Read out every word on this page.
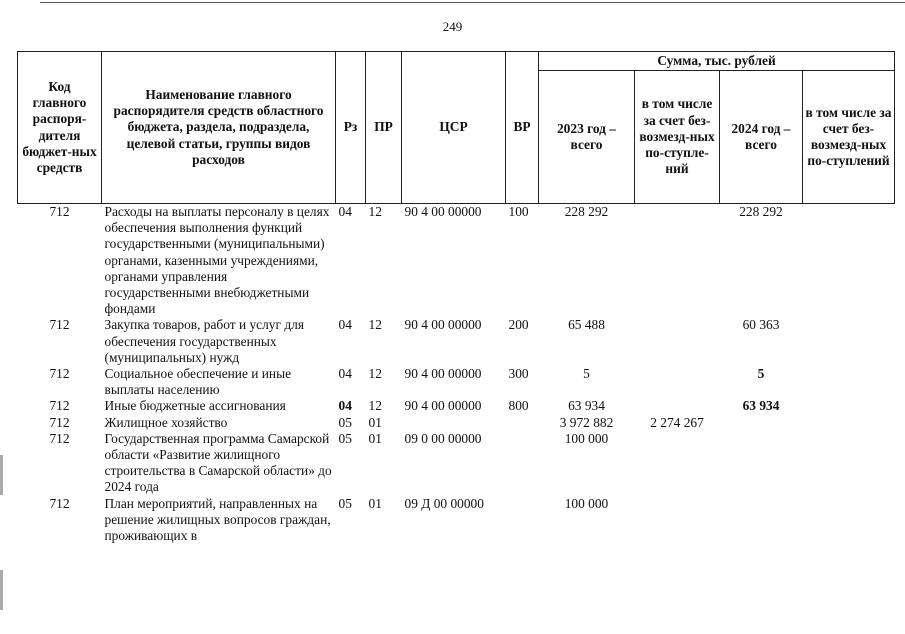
249
Код главного распоря-дителя бюджет-ных средств	Наименование главного распорядителя средств областного бюджета, раздела, подраздела, целевой статьи, группы видов расходов	Рз	ПР	ЦСР	ВР	Сумма, тыс. рублей			
						2023 год – всего	в том числе за счет без-возмезд-ных по-ступле-ний	2024 год – всего	в том числе за счет без-возмезд-ных по-ступлений
712	Расходы на выплаты персоналу в целях обеспечения выполнения функций государственными (муниципальными) органами, казенными учреждениями, органами управления государственными внебюджетными фондами	04	12	90 4 00 00000	100	228 292		228 292	
712	Закупка товаров, работ и услуг для обеспечения государственных (муниципальных) нужд	04	12	90 4 00 00000	200	65 488		60 363	
712	Социальное обеспечение и иные выплаты населению	04	12	90 4 00 00000	300	5		5	
712	Иные бюджетные ассигнования	04	12	90 4 00 00000	800	63 934		63 934	
712	Жилищное хозяйство	05	01			3 972 882	2 274 267		
712	Государственная программа Самарской области «Развитие жилищного строительства в Самарской области» до 2024 года	05	01	09 0 00 00000		100 000			
712	План мероприятий, направленных на решение жилищных вопросов граждан, проживающих в	05	01	09 Д 00 00000		100 000			
